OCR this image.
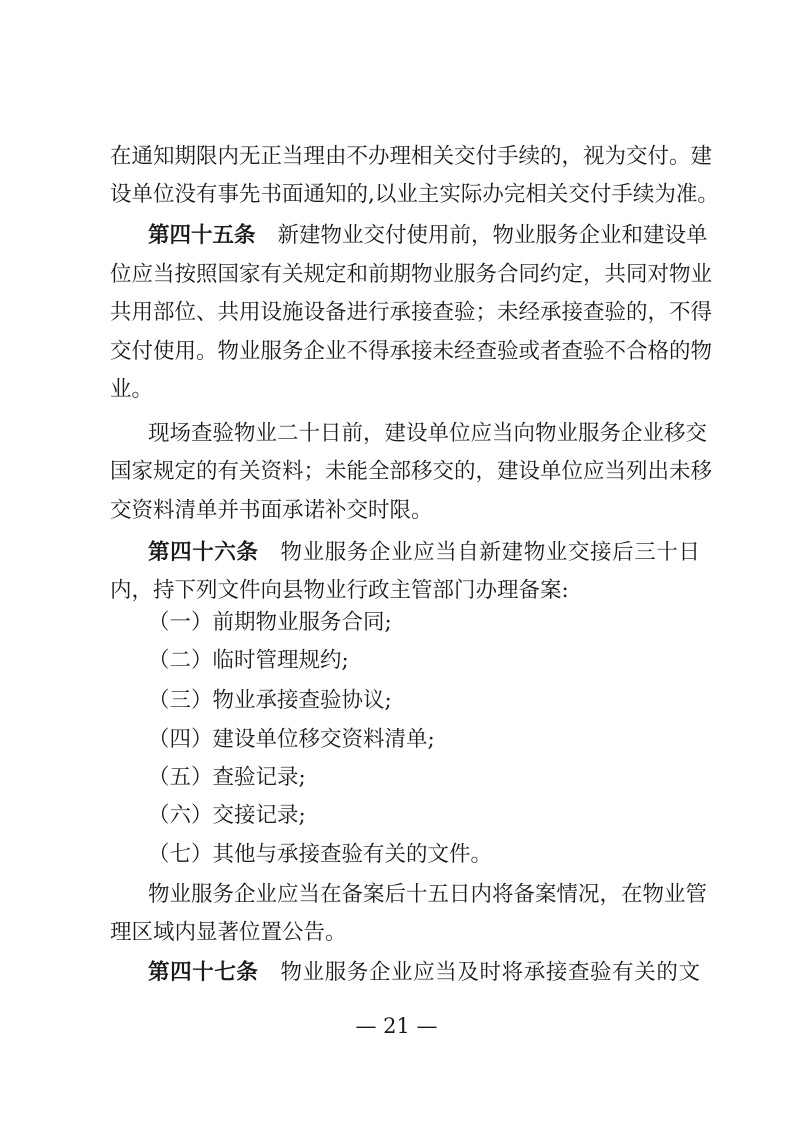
在通知期限内无正当理由不办理相关交付手续的，视为交付。建
设单位没有事先书面通知的,以业主实际办完相关交付手续为准。
第四十五条 新建物业交付使用前，物业服务企业和建设单
位应当按照国家有关规定和前期物业服务合同约定，共同对物业
共用部位、共用设施设备进行承接查验；未经承接查验的，不得
交付使用。物业服务企业不得承接未经查验或者查验不合格的物
业。
现场查验物业二十日前，建设单位应当向物业服务企业移交
国家规定的有关资料；未能全部移交的，建设单位应当列出未移
交资料清单并书面承诺补交时限。
第四十六条 物业服务企业应当自新建物业交接后三十日
内，持下列文件向县物业行政主管部门办理备案:
（一）前期物业服务合同;
（二）临时管理规约;
（三）物业承接查验协议;
（四）建设单位移交资料清单;
（五）查验记录;
（六）交接记录;
（七）其他与承接查验有关的文件。
物业服务企业应当在备案后十五日内将备案情况，在物业管
理区域内显著位置公告。
第四十七条 物业服务企业应当及时将承接查验有关的文
— 21 —
